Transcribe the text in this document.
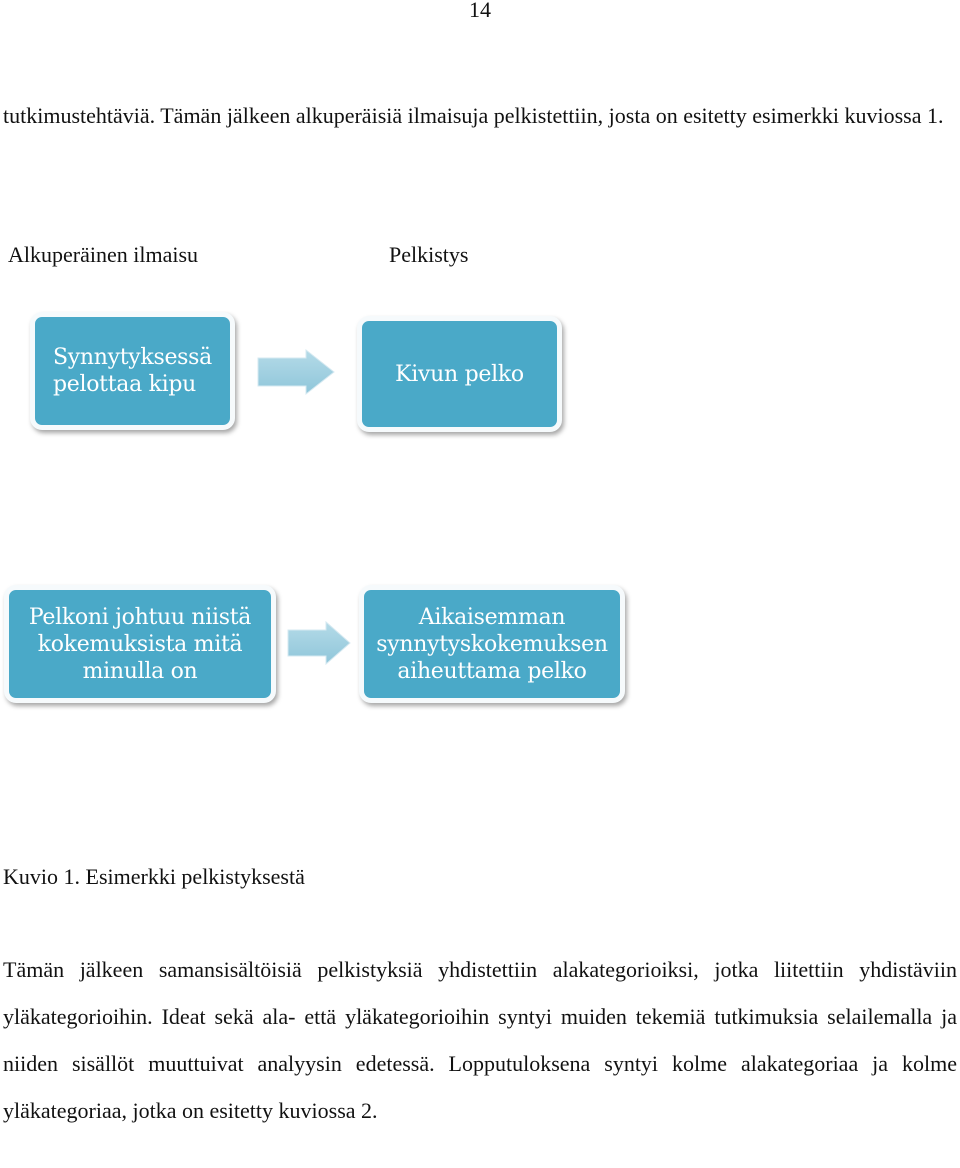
14

tutkimustehtäviä. Tämän jälkeen alkuperäisiä ilmaisuja pelkistettiin, josta on esitetty esimerkki kuviossa 1.

Alkuperäinen ilmaisu	Pelkistys
Synnytyksessä
pelottaa kipu	Kivun pelko
Pelkoni johtuu niistä
kokemuksista mitä
minulla on
Aikaisemman
synnytyskokemuksen
aiheuttama pelko
Kuvio 1. Esimerkki pelkistyksestä

Tämän jälkeen samansisältöisiä pelkistyksiä yhdistettiin alakategorioiksi, jotka liitettiin yhdistäviin yläkategorioihin. Ideat sekä ala- että yläkategorioihin syntyi muiden tekemiä tutkimuksia selailemalla ja niiden sisällöt muuttuivat analyysin edetessä. Lopputuloksena syntyi kolme alakategoriaa ja kolme yläkategoriaa, jotka on esitetty kuviossa 2.
